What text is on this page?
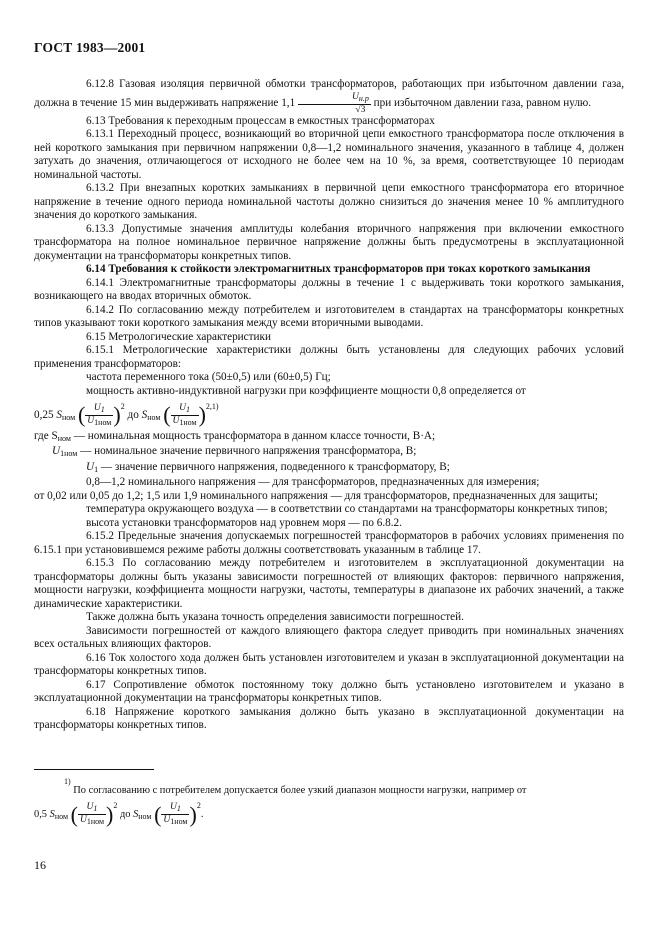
ГОСТ 1983—2001

6.12.8 Газовая изоляция первичной обмотки трансформаторов, работающих при избыточном давлении газа, должна в течение 15 мин выдерживать напряжение $1,1 \frac{U_{н.р}}{√3}$ при избыточном давлении газа, равном нулю.

6.13 Требования к переходным процессам в емкостных трансформаторах

6.13.1 Переходный процесс, возникающий во вторичной цепи емкостного трансформатора после отключения в ней короткого замыкания при первичном напряжении 0,8—1,2 номинального значения, указанного в таблице 4, должен затухать до значения, отличающегося от исходного не более чем на 10 %, за время, соответствующее 10 периодам номинальной частоты.

6.13.2 При внезапных коротких замыканиях в первичной цепи емкостного трансформатора его вторичное напряжение в течение одного периода номинальной частоты должно снизиться до значения менее 10 % амплитудного значения до короткого замыкания.

6.13.3 Допустимые значения амплитуды колебания вторичного напряжения при включении емкостного трансформатора на полное номинальное первичное напряжение должны быть предусмотрены в эксплуатационной документации на трансформаторы конкретных типов.

6.14 Требования к стойкости электромагнитных трансформаторов при токах короткого замыкания

6.14.1 Электромагнитные трансформаторы должны в течение 1 с выдерживать токи короткого замыкания, возникающего на вводах вторичных обмоток.

6.14.2 По согласованию между потребителем и изготовителем в стандартах на трансформаторы конкретных типов указывают токи короткого замыкания между всеми вторичными выводами.

6.15 Метрологические характеристики

6.15.1 Метрологические характеристики должны быть установлены для следующих рабочих условий применения трансформаторов:

частота переменного тока (50±0,5) или (60±0,5) Гц;

мощность активно-индуктивной нагрузки при коэффициенте мощности 0,8 определяется от

0,25 $S_{ном}$ ( $\frac{U_1}{U_{1ном}} )^2$ до $S_{ном}$ ( $\frac{U_1}{U_{1ном}} )^{2,1)}$

где $S_{ном}$ — номинальная мощность трансформатора в данном классе точности, В·А;

$U_{1ном}$ — номинальное значение первичного напряжения трансформатора, В;

$U_1$ — значение первичного напряжения, подведенного к трансформатору, В;

0,8—1,2 номинального напряжения — для трансформаторов, предназначенных для измерения;

от 0,02 или 0,05 до 1,2; 1,5 или 1,9 номинального напряжения — для трансформаторов, предназначенных для защиты;

температура окружающего воздуха — в соответствии со стандартами на трансформаторы конкретных типов;

высота установки трансформаторов над уровнем моря — по 6.8.2.

6.15.2 Предельные значения допускаемых погрешностей трансформаторов в рабочих условиях применения по 6.15.1 при установившемся режиме работы должны соответствовать указанным в таблице 17.

6.15.3 По согласованию между потребителем и изготовителем в эксплуатационной документации на трансформаторы должны быть указаны зависимости погрешностей от влияющих факторов: первичного напряжения, мощности нагрузки, коэффициента мощности нагрузки, частоты, температуры в диапазоне их рабочих значений, а также динамические характеристики.

Также должна быть указана точность определения зависимости погрешностей.

Зависимости погрешностей от каждого влияющего фактора следует приводить при номинальных значениях всех остальных влияющих факторов.

6.16 Ток холостого хода должен быть установлен изготовителем и указан в эксплуатационной документации на трансформаторы конкретных типов.

6.17 Сопротивление обмоток постоянному току должно быть установлено изготовителем и указано в эксплуатационной документации на трансформаторы конкретных типов.

6.18 Напряжение короткого замыкания должно быть указано в эксплуатационной документации на трансформаторы конкретных типов.

$^{1)}$ По согласованию с потребителем допускается более узкий диапазон мощности нагрузки, например от

0,5 $S_{ном}$ ( $\frac{U_1}{U_{1ном}} )^2$ до $S_{ном}$ ( $\frac{U_1}{U_{1ном}} )^2$.

16
